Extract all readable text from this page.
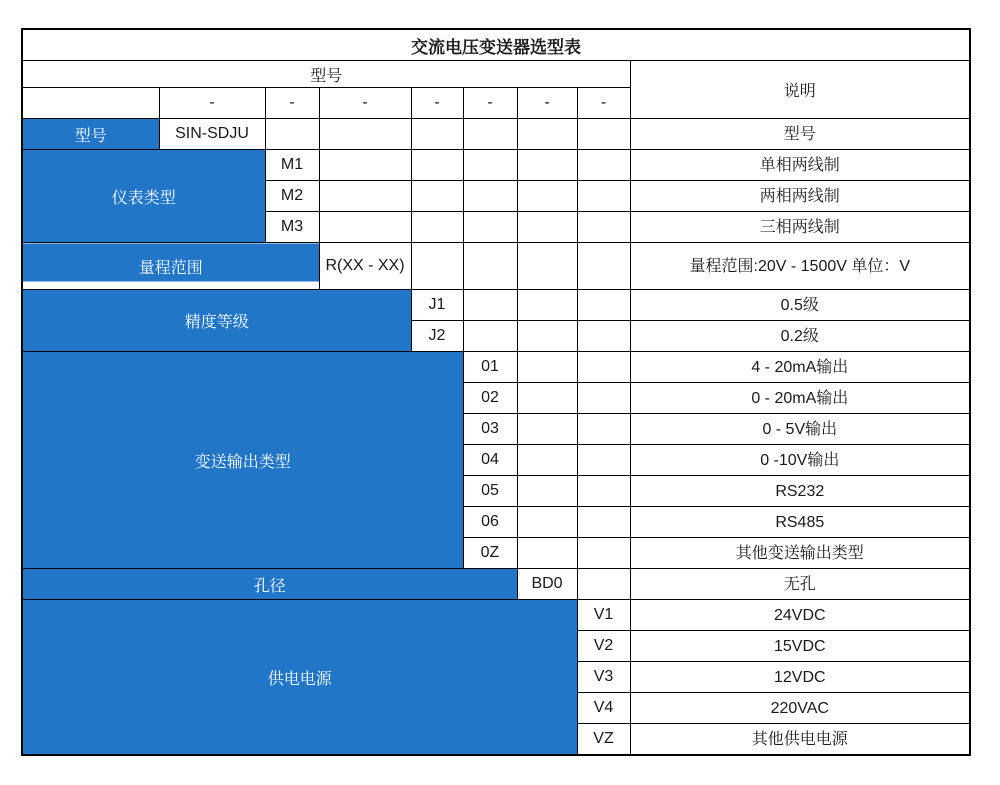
交流电压变送器选型表								
型号								说明
	-	-	-	-	-	-	-	
型号	SIN-SDJU							型号
仪表类型		M1						单相两线制
		M2						两相两线制
		M3						三相两线制
量程范围			R(XX - XX)					量程范围:20V - 1500V 单位：V
精度等级				J1				0.5级
				J2				0.2级
变送输出类型					01			4 - 20mA输出
					02			0 - 20mA输出
					03			0 - 5V输出
					04			0 -10V输出
					05			RS232
					06			RS485
					0Z			其他变送输出类型
孔径						BD0		无孔
供电电源							V1	24VDC
							V2	15VDC
							V3	12VDC
							V4	220VAC
							VZ	其他供电电源
